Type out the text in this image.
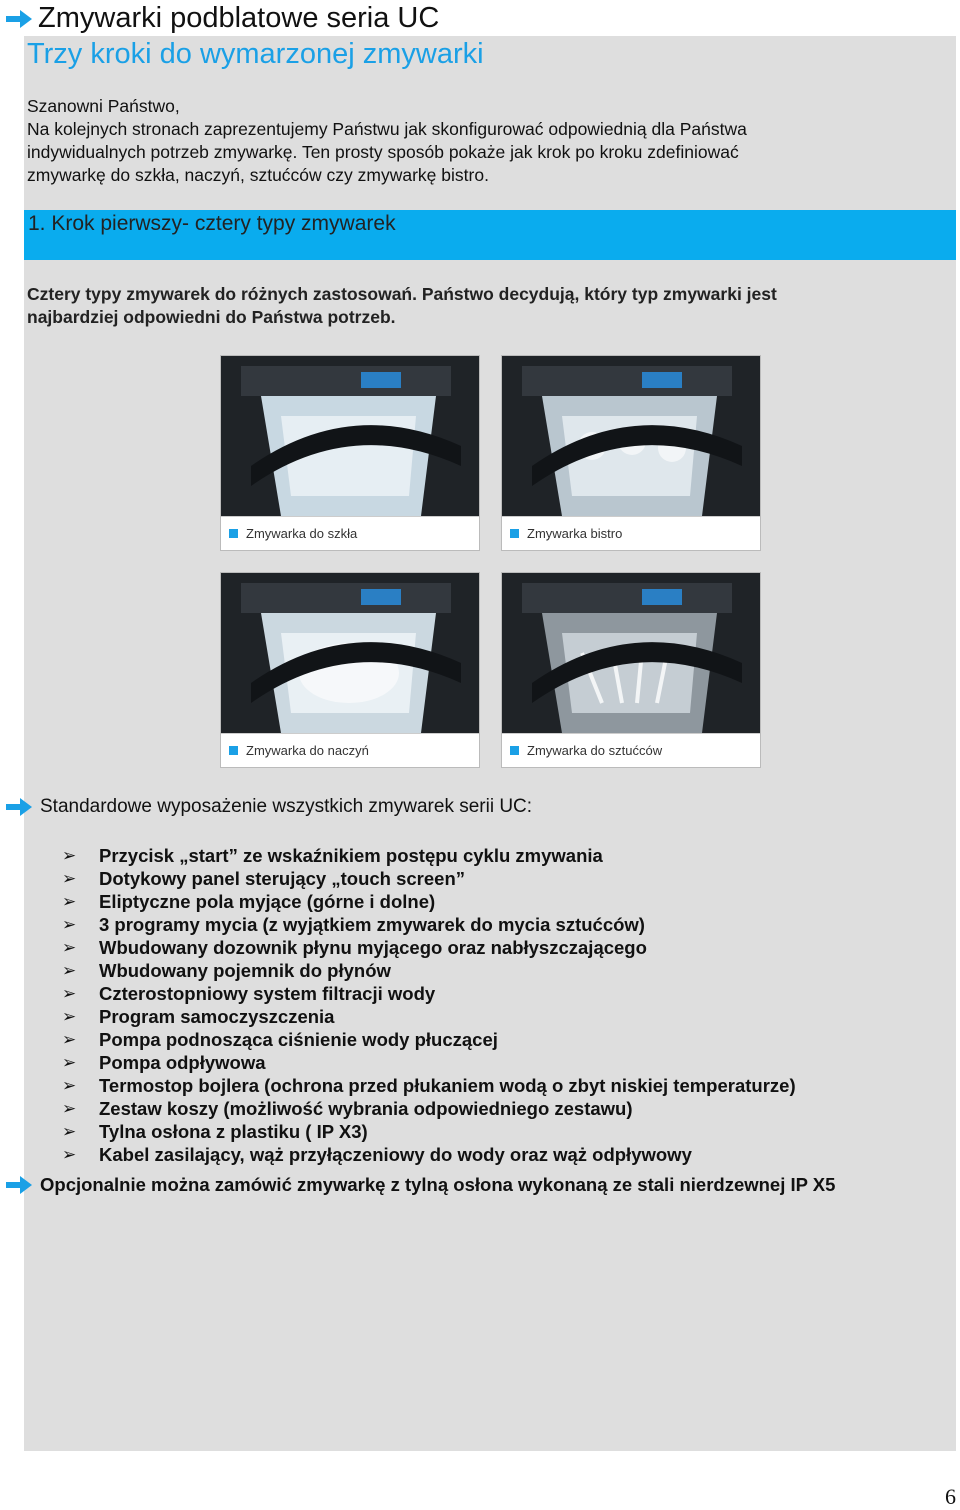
Zmywarki podblatowe seria UC
Trzy kroki do wymarzonej zmywarki
Szanowni Państwo,
Na kolejnych stronach zaprezentujemy Państwu jak skonfigurować odpowiednią dla Państwa
indywidualnych potrzeb zmywarkę. Ten prosty sposób pokaże jak krok po kroku zdefiniować
zmywarkę do szkła, naczyń, sztućców czy zmywarkę bistro.
1. Krok pierwszy- cztery typy zmywarek
Cztery typy zmywarek do różnych zastosowań. Państwo decydują, który typ zmywarki jest
najbardziej odpowiedni do Państwa potrzeb.
Zmywarka do szkła	Zmywarka bistro
Zmywarka do naczyń	Zmywarka do sztućców
Standardowe wyposażenie wszystkich zmywarek serii UC:
➢	Przycisk „start” ze wskaźnikiem postępu cyklu zmywania
➢	Dotykowy panel sterujący „touch screen”
➢	Eliptyczne pola myjące (górne i dolne)
➢	3 programy mycia (z wyjątkiem zmywarek do mycia sztućców)
➢	Wbudowany dozownik płynu myjącego oraz nabłyszczającego
➢	Wbudowany pojemnik do płynów
➢	Czterostopniowy system filtracji wody
➢	Program samoczyszczenia
➢	Pompa podnosząca ciśnienie wody płuczącej
➢	Pompa odpływowa
➢	Termostop bojlera (ochrona przed płukaniem wodą o zbyt niskiej temperaturze)
➢	Zestaw koszy (możliwość wybrania odpowiedniego zestawu)
➢	Tylna osłona z plastiku ( IP X3)
➢	Kabel zasilający, wąż przyłączeniowy do wody oraz wąż odpływowy
Opcjonalnie można zamówić zmywarkę z tylną osłona wykonaną ze stali nierdzewnej IP X5
6
